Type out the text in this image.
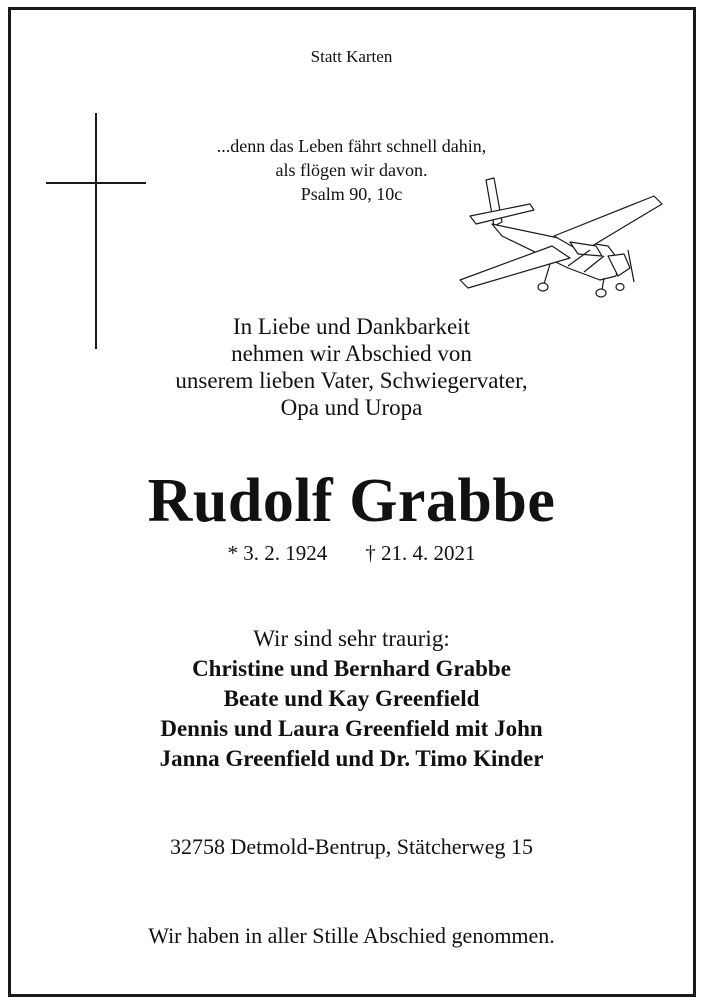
Statt Karten
...denn das Leben fährt schnell dahin,
als flögen wir davon.
Psalm 90, 10c
In Liebe und Dankbarkeit
nehmen wir Abschied von
unserem lieben Vater, Schwiegervater,
Opa und Uropa
Rudolf Grabbe
* 3. 2. 1924 † 21. 4. 2021
Wir sind sehr traurig:
Christine und Bernhard Grabbe
Beate und Kay Greenfield
Dennis und Laura Greenfield mit John
Janna Greenfield und Dr. Timo Kinder
32758 Detmold-Bentrup, Stätcherweg 15
Wir haben in aller Stille Abschied genommen.
